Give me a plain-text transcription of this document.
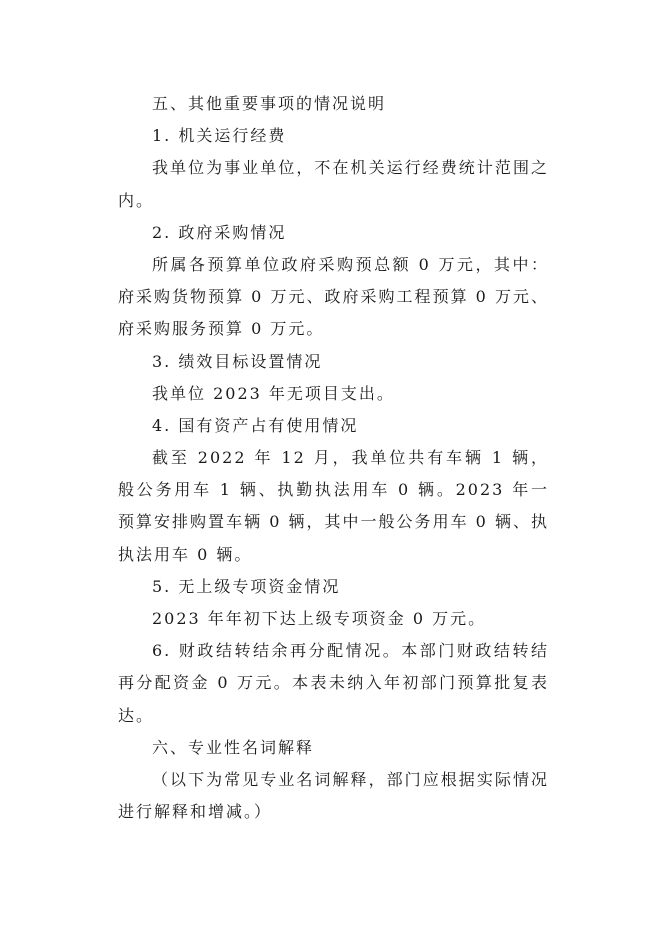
五、其他重要事项的情况说明
1. 机关运行经费
我单位为事业单位，不在机关运行经费统计范围之
内。
2. 政府采购情况
所属各预算单位政府采购预总额 0 万元，其中：
府采购货物预算 0 万元、政府采购工程预算 0 万元、
府采购服务预算 0 万元。
3. 绩效目标设置情况
我单位 2023 年无项目支出。
4. 国有资产占有使用情况
截至 2022 年 12 月，我单位共有车辆 1 辆，
般公务用车 1 辆、执勤执法用车 0 辆。2023 年一
预算安排购置车辆 0 辆，其中一般公务用车 0 辆、执
执法用车 0 辆。
5. 无上级专项资金情况
2023 年年初下达上级专项资金 0 万元。
6. 财政结转结余再分配情况。本部门财政结转结
再分配资金 0 万元。本表未纳入年初部门预算批复表
达。
六、专业性名词解释
（以下为常见专业名词解释，部门应根据实际情况
进行解释和增减。）
